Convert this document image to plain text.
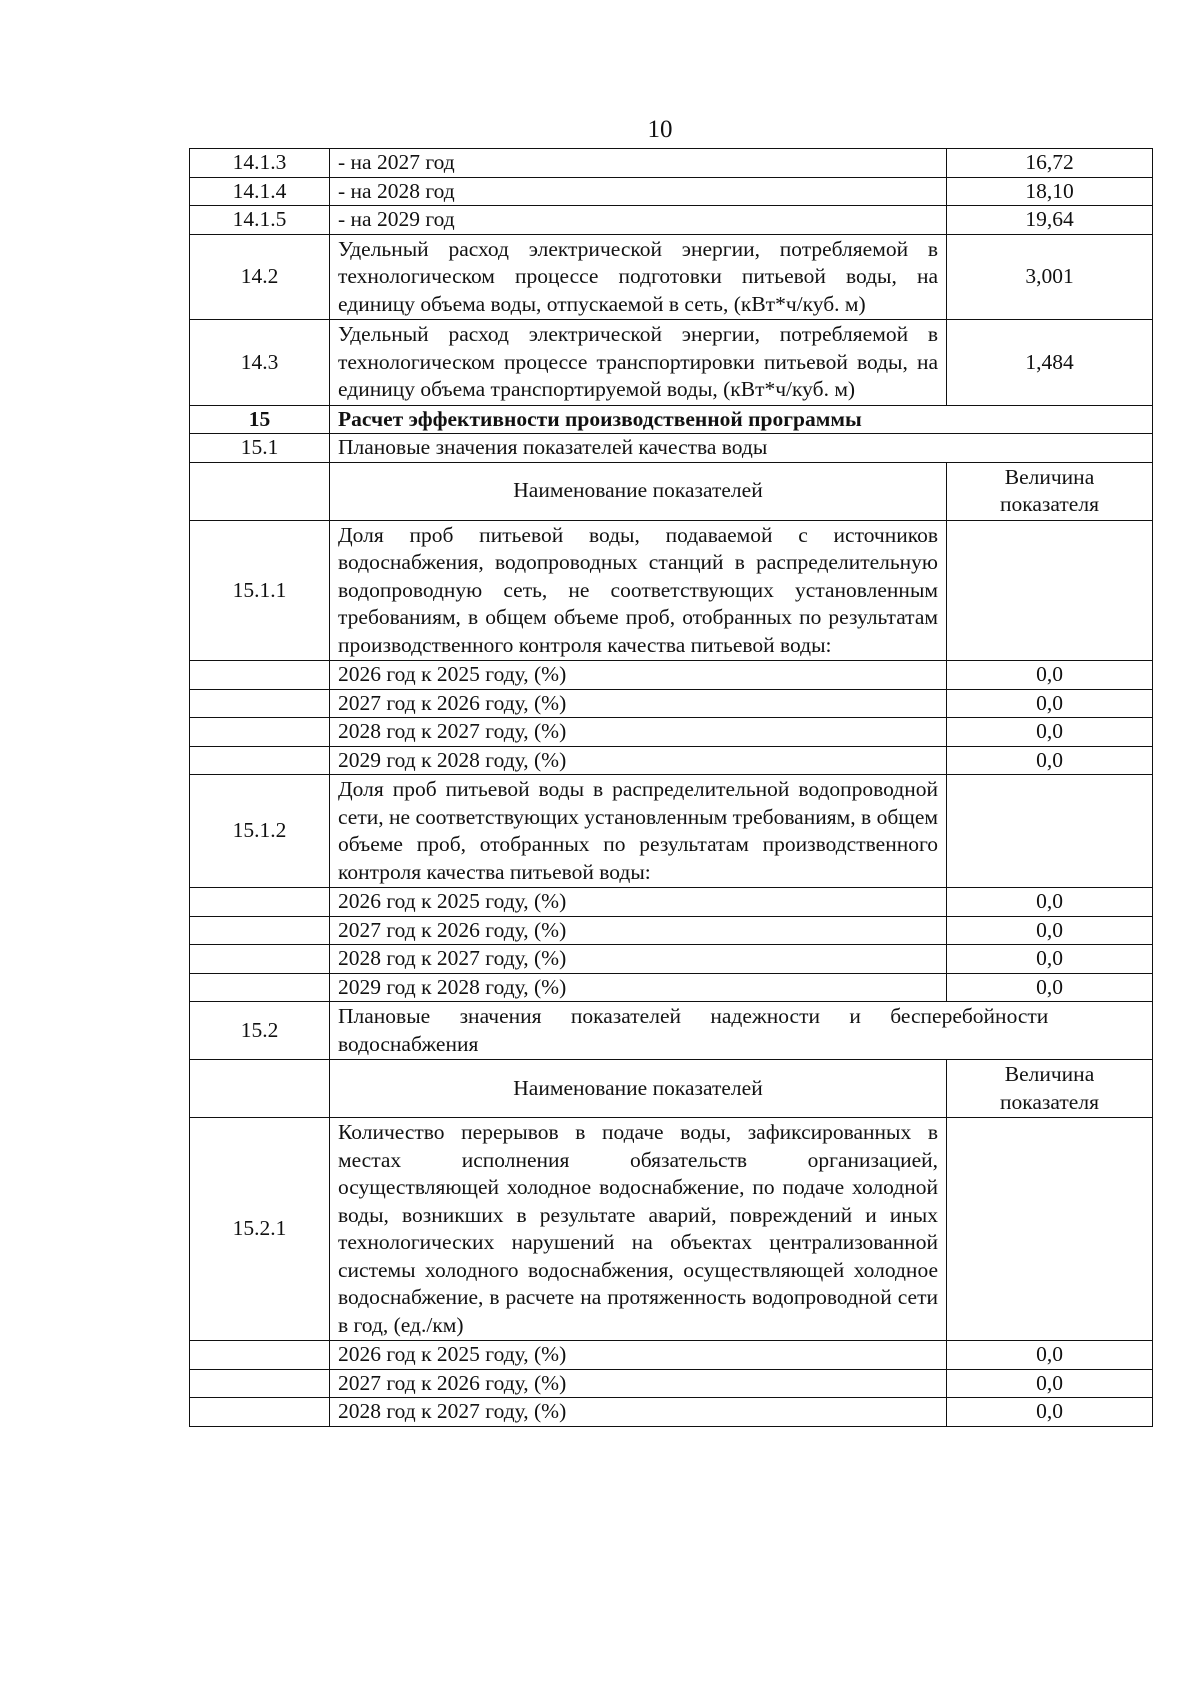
10
14.1.3	- на 2027 год	16,72
14.1.4	- на 2028 год	18,10
14.1.5	- на 2029 год	19,64
14.2	Удельный расход электрической энергии, потребляемой в технологическом процессе подготовки питьевой воды, на единицу объема воды, отпускаемой в сеть, (кВт*ч/куб. м)	3,001
14.3	Удельный расход электрической энергии, потребляемой в технологическом процессе транспортировки питьевой воды, на единицу объема транспортируемой воды, (кВт*ч/куб. м)	1,484
15	Расчет эффективности производственной программы	
15.1	Плановые значения показателей качества воды	
	Наименование показателей	Величина показателя
15.1.1	Доля проб питьевой воды, подаваемой с источников водоснабжения, водопроводных станций в распределительную водопроводную сеть, не соответствующих установленным требованиям, в общем объеме проб, отобранных по результатам производственного контроля качества питьевой воды:	
	2026 год к 2025 году, (%)	0,0
	2027 год к 2026 году, (%)	0,0
	2028 год к 2027 году, (%)	0,0
	2029 год к 2028 году, (%)	0,0
15.1.2	Доля проб питьевой воды в распределительной водопроводной сети, не соответствующих установленным требованиям, в общем объеме проб, отобранных по результатам производственного контроля качества питьевой воды:	
	2026 год к 2025 году, (%)	0,0
	2027 год к 2026 году, (%)	0,0
	2028 год к 2027 году, (%)	0,0
	2029 год к 2028 году, (%)	0,0
15.2	Плановые значения показателей надежности и бесперебойности
водоснабжения	

	Наименование показателей	Величина показателя
15.2.1	Количество перерывов в подаче воды, зафиксированных в местах исполнения обязательств организацией, осуществляющей холодное водоснабжение, по подаче холодной воды, возникших в результате аварий, повреждений и иных технологических нарушений на объектах централизованной системы холодного водоснабжения, осуществляющей холодное водоснабжение, в расчете на протяженность водопроводной сети в год, (ед./км)	
	2026 год к 2025 году, (%)	0,0
	2027 год к 2026 году, (%)	0,0
	2028 год к 2027 году, (%)	0,0
